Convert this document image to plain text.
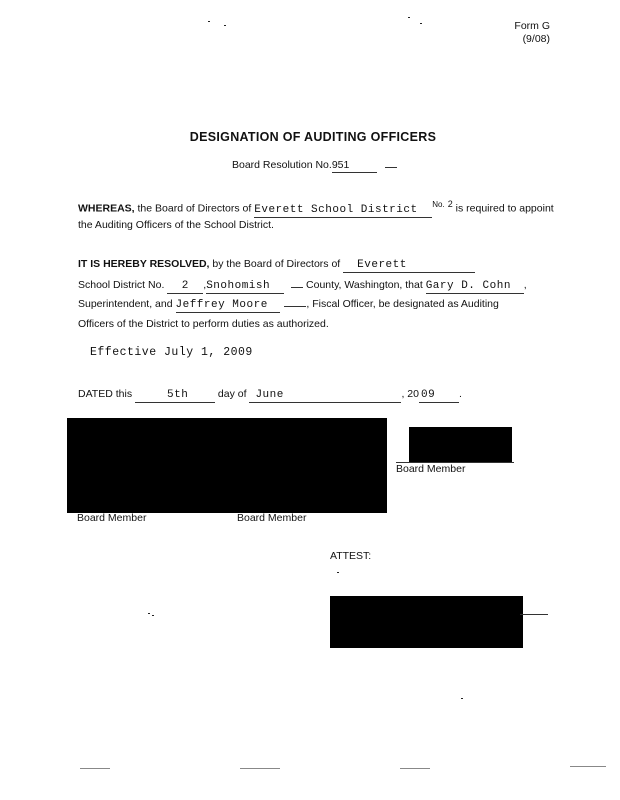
Form G
(9/08)
DESIGNATION OF AUDITING OFFICERS
Board Resolution No.951
WHEREAS, the Board of Directors of Everett School District $^{No.}$ $^2$ is required to appoint
the Auditing Officers of the School District.
IT IS HEREBY RESOLVED, by the Board of Directors of Everett
School District No. 2 ,Snohomish	County, Washington, that Gary D. Cohn ,
Superintendent, and Jeffrey Moore	, Fiscal Officer, be designated as Auditing
Officers of the District to perform duties as authorized.
Effective July 1, 2009
DATED this	5th	day of June	, 20 09 .
Board Member
Board Member	Board Member
ATTEST:
